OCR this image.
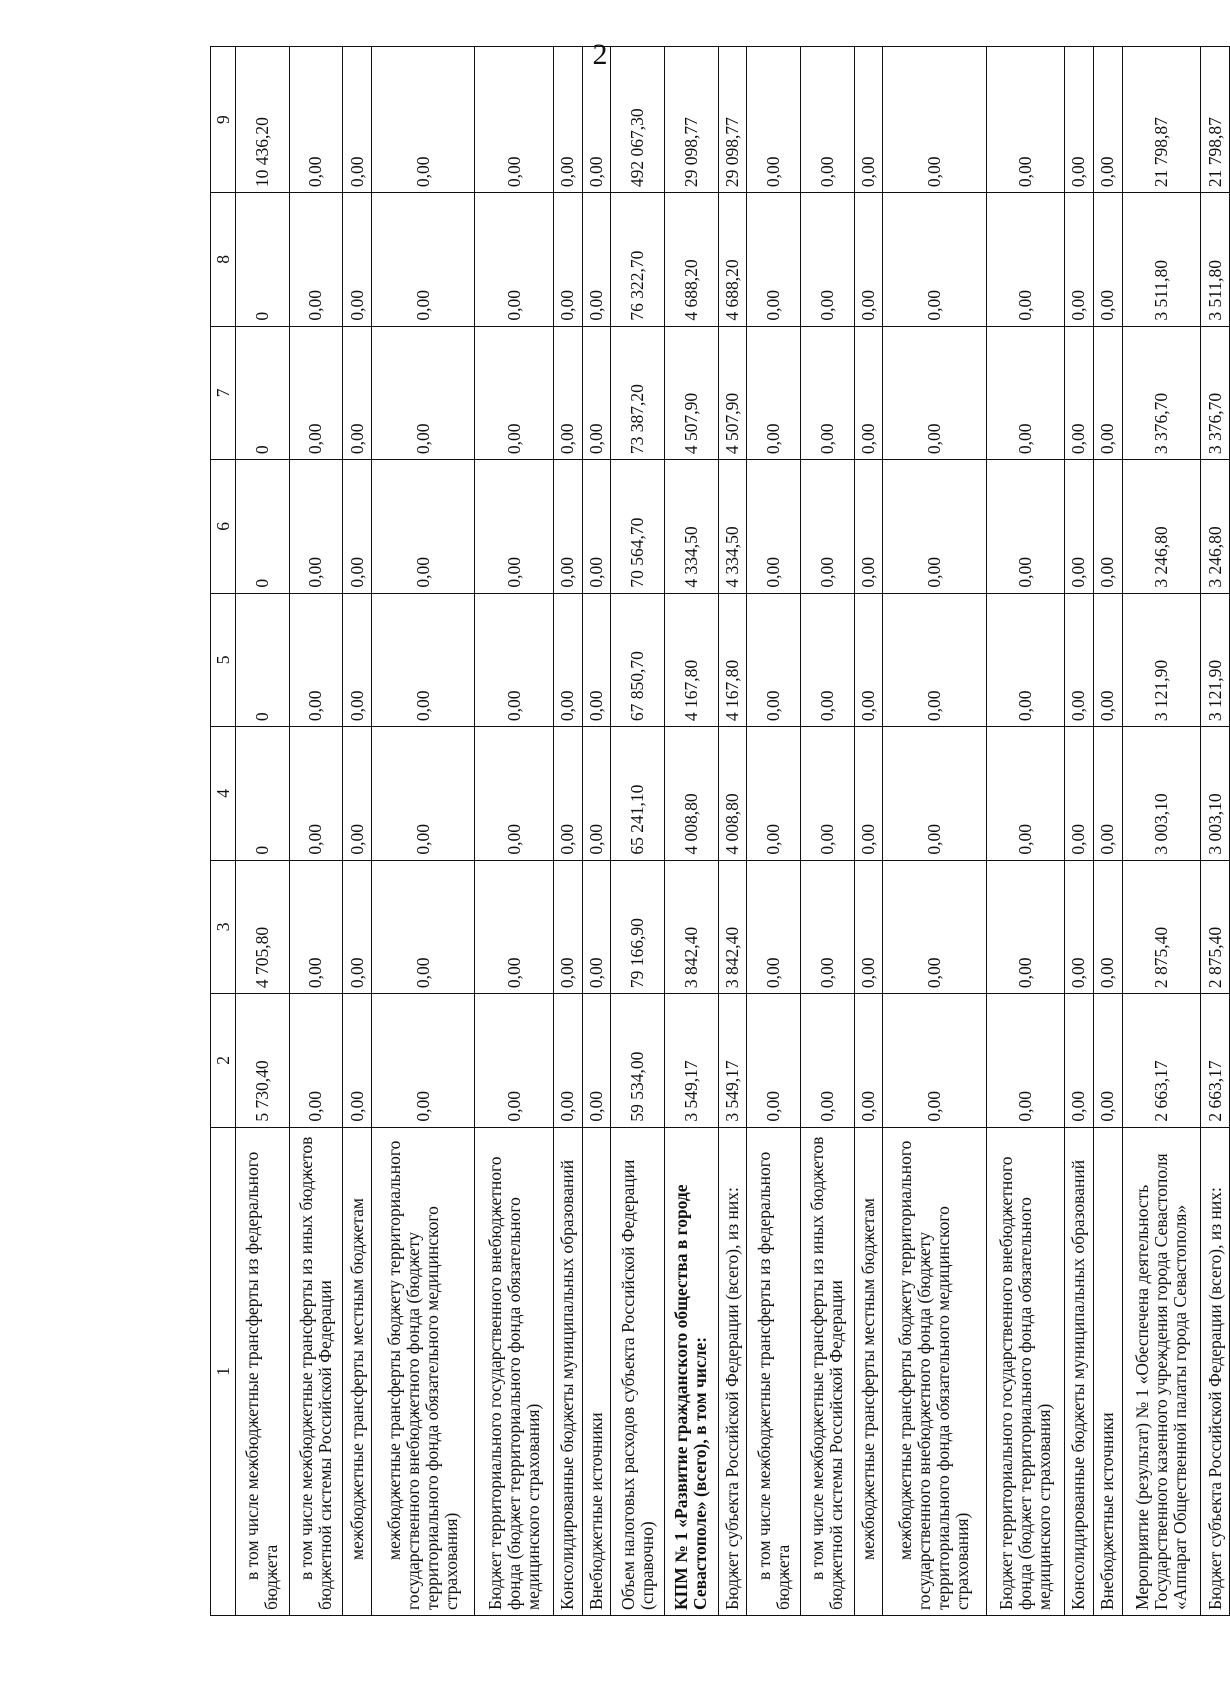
2
1	2	3	4	5	6	7	8	9
в том числе межбюджетные трансферты из федерального бюджета	5 730,40	4 705,80	0	0	0	0	0	10 436,20
в том числе межбюджетные трансферты из иных бюджетов бюджетной системы Российской Федерации	0,00	0,00	0,00	0,00	0,00	0,00	0,00	0,00
межбюджетные трансферты местным бюджетам	0,00	0,00	0,00	0,00	0,00	0,00	0,00	0,00
межбюджетные трансферты бюджету территориального государственного внебюджетного фонда (бюджету территориального фонда обязательного медицинского страхования)	0,00	0,00	0,00	0,00	0,00	0,00	0,00	0,00
Бюджет территориального государственного внебюджетного фонда (бюджет территориального фонда обязательного медицинского страхования)	0,00	0,00	0,00	0,00	0,00	0,00	0,00	0,00
Консолидированные бюджеты муниципальных образований	0,00	0,00	0,00	0,00	0,00	0,00	0,00	0,00
Внебюджетные источники	0,00	0,00	0,00	0,00	0,00	0,00	0,00	0,00
Объем налоговых расходов субъекта Российской Федерации (справочно)	59 534,00	79 166,90	65 241,10	67 850,70	70 564,70	73 387,20	76 322,70	492 067,30
КПМ № 1 «Развитие гражданского общества в городе Севастополе» (всего), в том числе:	3 549,17	3 842,40	4 008,80	4 167,80	4 334,50	4 507,90	4 688,20	29 098,77
Бюджет субъекта Российской Федерации (всего), из них:	3 549,17	3 842,40	4 008,80	4 167,80	4 334,50	4 507,90	4 688,20	29 098,77
в том числе межбюджетные трансферты из федерального бюджета	0,00	0,00	0,00	0,00	0,00	0,00	0,00	0,00
в том числе межбюджетные трансферты из иных бюджетов бюджетной системы Российской Федерации	0,00	0,00	0,00	0,00	0,00	0,00	0,00	0,00
межбюджетные трансферты местным бюджетам	0,00	0,00	0,00	0,00	0,00	0,00	0,00	0,00
межбюджетные трансферты бюджету территориального государственного внебюджетного фонда (бюджету территориального фонда обязательного медицинского страхования)	0,00	0,00	0,00	0,00	0,00	0,00	0,00	0,00
Бюджет территориального государственного внебюджетного фонда (бюджет территориального фонда обязательного медицинского страхования)	0,00	0,00	0,00	0,00	0,00	0,00	0,00	0,00
Консолидированные бюджеты муниципальных образований	0,00	0,00	0,00	0,00	0,00	0,00	0,00	0,00
Внебюджетные источники	0,00	0,00	0,00	0,00	0,00	0,00	0,00	0,00
Мероприятие (результат) № 1 «Обеспечена деятельность Государственного казенного учреждения города Севастополя «Аппарат Общественной палаты города Севастополя»	2 663,17	2 875,40	3 003,10	3 121,90	3 246,80	3 376,70	3 511,80	21 798,87
Бюджет субъекта Российской Федерации (всего), из них:	2 663,17	2 875,40	3 003,10	3 121,90	3 246,80	3 376,70	3 511,80	21 798,87
